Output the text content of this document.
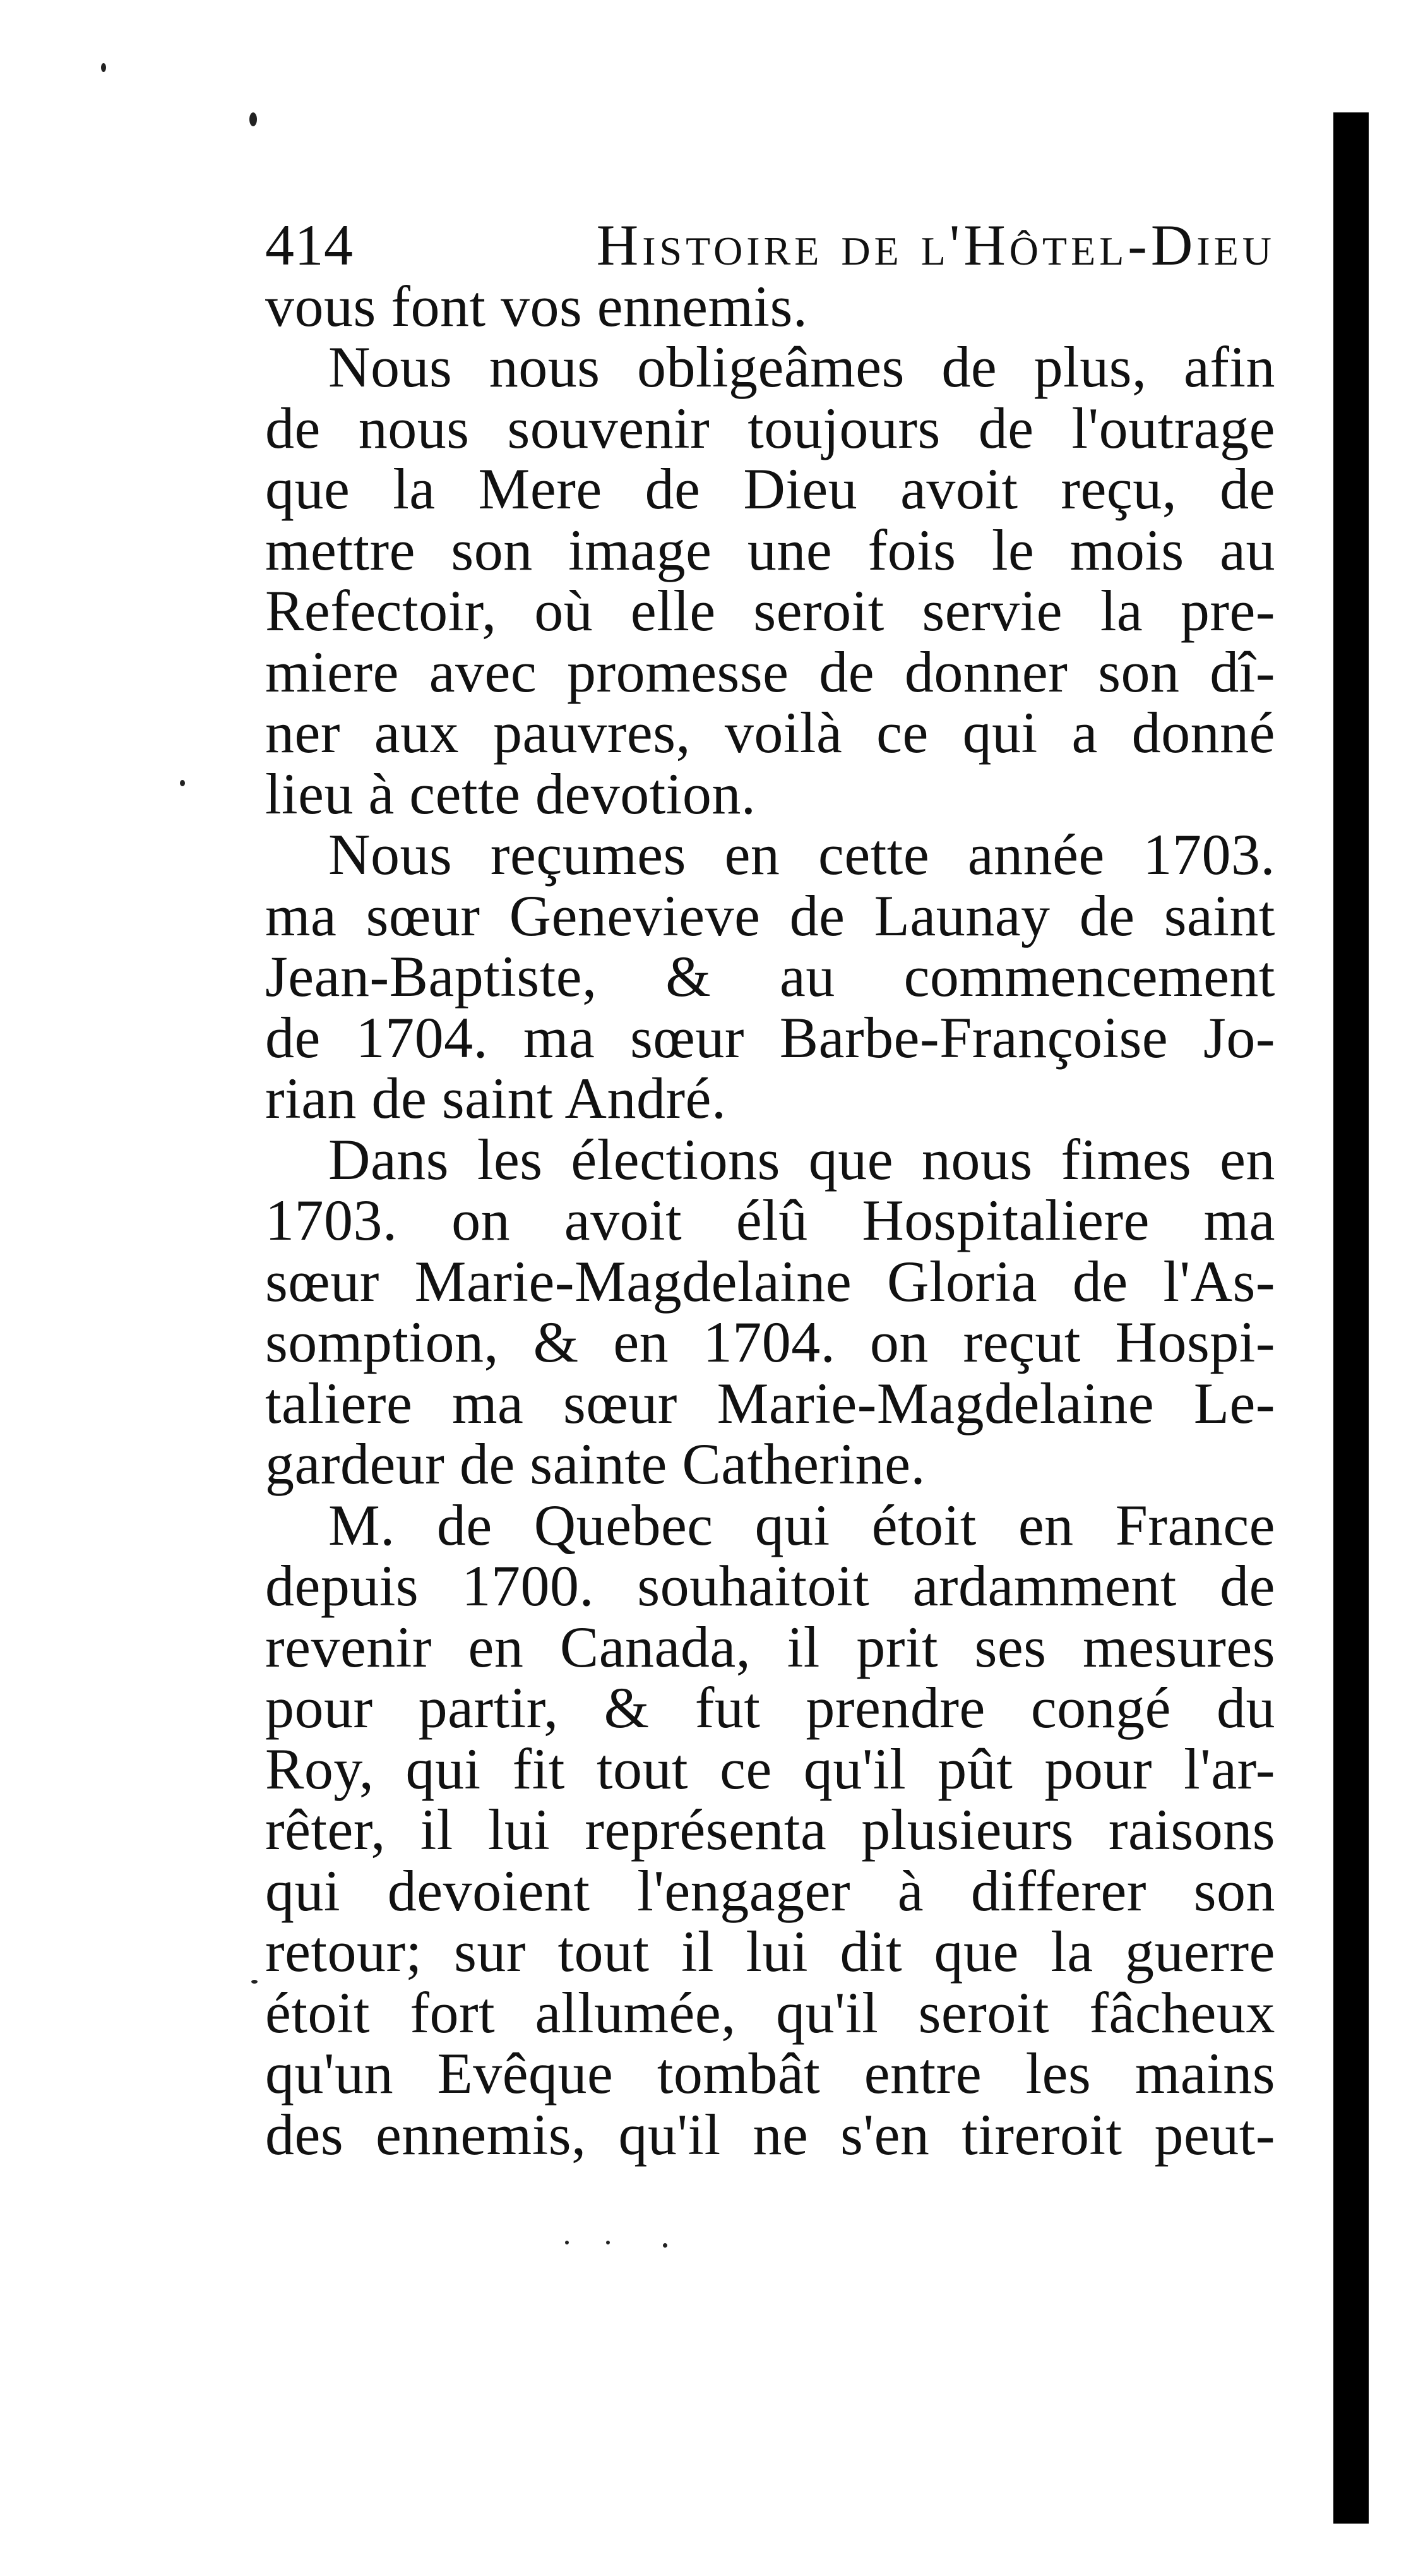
414	Histoire de l'Hôtel-Dieu
vous font vos ennemis.
Nous nous obligeâmes de plus, afin
de nous souvenir toujours de l'outrage
que la Mere de Dieu avoit reçu, de
mettre son image une fois le mois au
Refectoir, où elle seroit servie la pre-
miere avec promesse de donner son dî-
ner aux pauvres, voilà ce qui a donné
lieu à cette devotion.
Nous reçumes en cette année 1703.
ma sœur Genevieve de Launay de saint
Jean-Baptiste, & au commencement
de 1704. ma sœur Barbe-Françoise Jo-
rian de saint André.
Dans les élections que nous fimes en
1703. on avoit élû Hospitaliere ma
sœur Marie-Magdelaine Gloria de l'As-
somption, & en 1704. on reçut Hospi-
taliere ma sœur Marie-Magdelaine Le-
gardeur de sainte Catherine.
M. de Quebec qui étoit en France
depuis 1700. souhaitoit ardamment de
revenir en Canada, il prit ses mesures
pour partir, & fut prendre congé du
Roy, qui fit tout ce qu'il pût pour l'ar-
rêter, il lui représenta plusieurs raisons
qui devoient l'engager à differer son
retour; sur tout il lui dit que la guerre
étoit fort allumée, qu'il seroit fâcheux
qu'un Evêque tombât entre les mains
des ennemis, qu'il ne s'en tireroit peut-
